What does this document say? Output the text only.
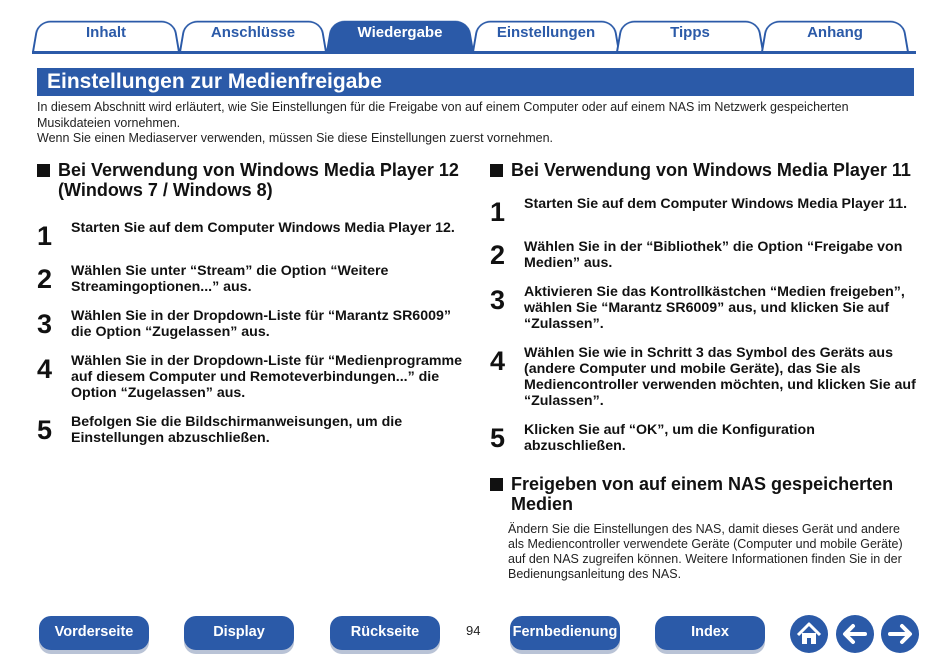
Inhalt	Anschlüsse	Wiedergabe	Einstellungen	Tipps	Anhang
Einstellungen zur Medienfreigabe
In diesem Abschnitt wird erläutert, wie Sie Einstellungen für die Freigabe von auf einem Computer oder auf einem NAS im Netzwerk gespeicherten Musikdateien vornehmen.
Wenn Sie einen Mediaserver verwenden, müssen Sie diese Einstellungen zuerst vornehmen.
Bei Verwendung von Windows Media Player 12 (Windows 7 / Windows 8)
1	Starten Sie auf dem Computer Windows Media Player 12.
2	Wählen Sie unter “Stream” die Option “Weitere Streamingoptionen...” aus.
3	Wählen Sie in der Dropdown-Liste für “Marantz SR6009” die Option “Zugelassen” aus.
4	Wählen Sie in der Dropdown-Liste für “Medienprogramme auf diesem Computer und Remoteverbindungen...” die Option “Zugelassen” aus.
5	Befolgen Sie die Bildschirmanweisungen, um die Einstellungen abzuschließen.
Bei Verwendung von Windows Media Player 11
1	Starten Sie auf dem Computer Windows Media Player 11.
2	Wählen Sie in der “Bibliothek” die Option “Freigabe von Medien” aus.
3	Aktivieren Sie das Kontrollkästchen “Medien freigeben”, wählen Sie “Marantz SR6009” aus, und klicken Sie auf “Zulassen”.
4	Wählen Sie wie in Schritt 3 das Symbol des Geräts aus (andere Computer und mobile Geräte), das Sie als Mediencontroller verwenden möchten, und klicken Sie auf “Zulassen”.
5	Klicken Sie auf “OK”, um die Konfiguration abzuschließen.
Freigeben von auf einem NAS gespeicherten Medien
Ändern Sie die Einstellungen des NAS, damit dieses Gerät und andere als Mediencontroller verwendete Geräte (Computer und mobile Geräte) auf den NAS zugreifen können. Weitere Informationen finden Sie in der Bedienungsanleitung des NAS.
Vorderseite	Display	Rückseite	94 Fernbedienung	Index
